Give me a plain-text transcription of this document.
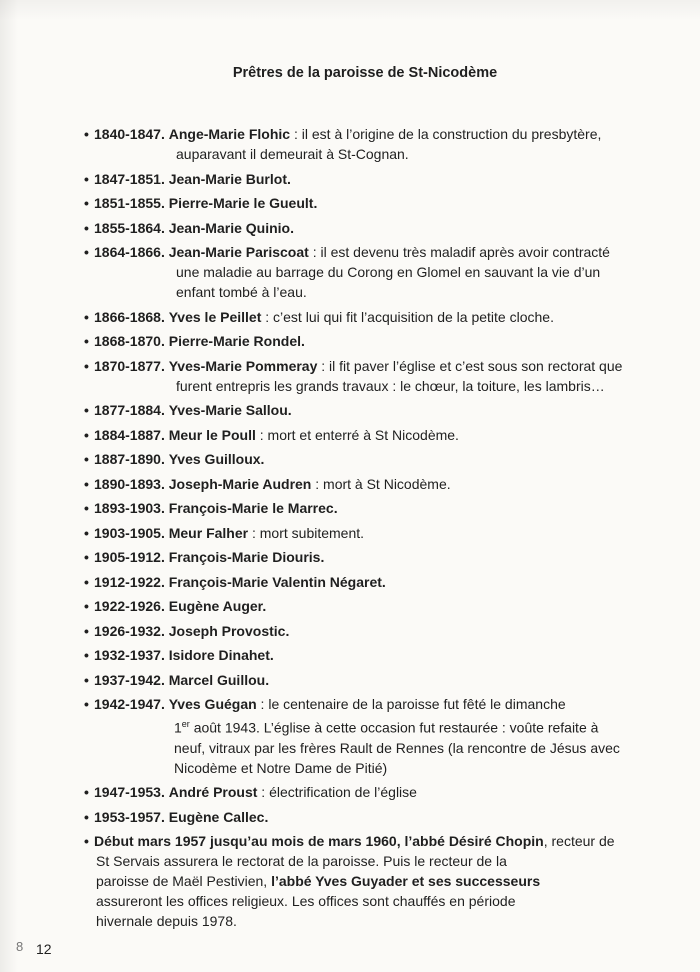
Prêtres de la paroisse de St-Nicodème
• 1840-1847. Ange-Marie Flohic : il est à l’origine de la construction du presbytère,
auparavant il demeurait à St-Cognan.
• 1847-1851. Jean-Marie Burlot.
• 1851-1855. Pierre-Marie le Gueult.
• 1855-1864. Jean-Marie Quinio.
• 1864-1866. Jean-Marie Pariscoat : il est devenu très maladif après avoir contracté
une maladie au barrage du Corong en Glomel en sauvant la vie d’un
enfant tombé à l’eau.
• 1866-1868. Yves le Peillet : c’est lui qui fit l’acquisition de la petite cloche.
• 1868-1870. Pierre-Marie Rondel.
• 1870-1877. Yves-Marie Pommeray : il fit paver l’église et c’est sous son rectorat que
furent entrepris les grands travaux : le chœur, la toiture, les lambris…
• 1877-1884. Yves-Marie Sallou.
• 1884-1887. Meur le Poull : mort et enterré à St Nicodème.
• 1887-1890. Yves Guilloux.
• 1890-1893. Joseph-Marie Audren : mort à St Nicodème.
• 1893-1903. François-Marie le Marrec.
• 1903-1905. Meur Falher : mort subitement.
• 1905-1912. François-Marie Diouris.
• 1912-1922. François-Marie Valentin Négaret.
• 1922-1926. Eugène Auger.
• 1926-1932. Joseph Provostic.
• 1932-1937. Isidore Dinahet.
• 1937-1942. Marcel Guillou.
• 1942-1947. Yves Guégan : le centenaire de la paroisse fut fêté le dimanche
1er août 1943. L’église à cette occasion fut restaurée : voûte refaite à
neuf, vitraux par les frères Rault de Rennes (la rencontre de Jésus avec
Nicodème et Notre Dame de Pitié)
• 1947-1953. André Proust : électrification de l’église
• 1953-1957. Eugène Callec.
• Début mars 1957 jusqu’au mois de mars 1960, l’abbé Désiré Chopin, recteur de
St Servais assurera le rectorat de la paroisse. Puis le recteur de la
paroisse de Maël Pestivien, l’abbé Yves Guyader et ses successeurs
assureront les offices religieux. Les offices sont chauffés en période
hivernale depuis 1978.
8 12
